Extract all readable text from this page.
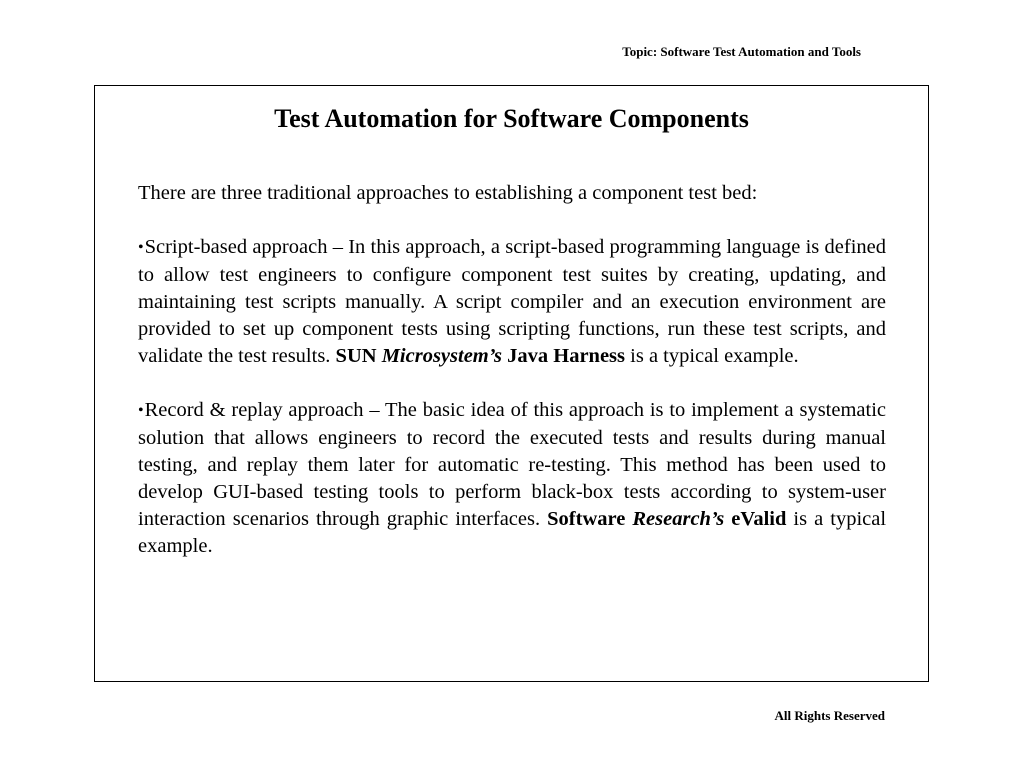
Topic: Software Test Automation and Tools
Test Automation for Software Components

There are three traditional approaches to establishing a component test bed:

•Script-based approach – In this approach, a script-based programming language is defined to allow test engineers to configure component test suites by creating, updating, and maintaining test scripts manually. A script compiler and an execution environment are provided to set up component tests using scripting functions, run these test scripts, and validate the test results. SUN Microsystem’s Java Harness is a typical example.

•Record & replay approach – The basic idea of this approach is to implement a systematic solution that allows engineers to record the executed tests and results during manual testing, and replay them later for automatic re-testing. This method has been used to develop GUI-based testing tools to perform black-box tests according to system-user interaction scenarios through graphic interfaces. Software Research’s eValid is a typical example.

All Rights Reserved
